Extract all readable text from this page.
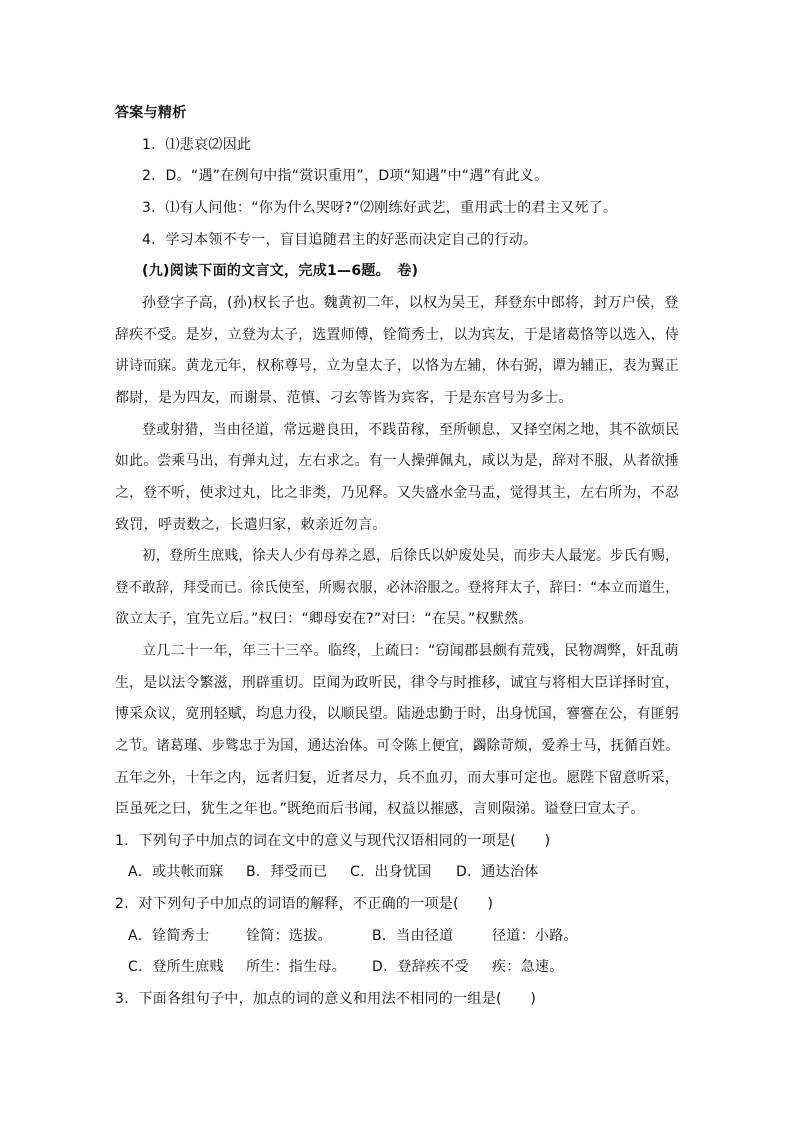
答案与精析
1．⑴悲哀⑵因此
2．D。“遇”在例句中指“赏识重用”，D项“知遇”中“遇”有此义。
3．⑴有人问他：“你为什么哭呀?”⑵刚练好武艺，重用武士的君主又死了。
4．学习本领不专一，盲目追随君主的好恶而决定自己的行动。
(九)阅读下面的文言文，完成1—6题。　卷)
孙登字子高，(孙)权长子也。魏黄初二年，以权为吴王，拜登东中郎将，封万户侯，登
辞疾不受。是岁，立登为太子，选置师傅，铨简秀士，以为宾友，于是诸葛恪等以选入，侍
讲诗而寐。黄龙元年，权称尊号，立为皇太子，以恪为左辅，休右弼，谭为辅正，表为翼正
都尉，是为四友，而谢景、范慎、刁玄等皆为宾客，于是东宫号为多士。
登或射猎，当由径道，常远避良田，不践苗稼，至所顿息，又择空闲之地，其不欲烦民
如此。尝乘马出，有弹丸过，左右求之。有一人操弹佩丸，咸以为是，辞对不服，从者欲捶
之，登不听，使求过丸，比之非类，乃见释。又失盛水金马盂，觉得其主，左右所为，不忍
致罚，呼责数之，长遣归家，敕亲近勿言。
初，登所生庶贱，徐夫人少有母养之恩，后徐氏以妒废处吴，而步夫人最宠。步氏有赐，
登不敢辞，拜受而已。徐氏使至，所赐衣服，必沐浴服之。登将拜太子，辞曰：“本立而道生，
欲立太子，宜先立后。”权曰：“卿母安在?”对曰：“在吴。”权默然。
立几二十一年，年三十三卒。临终，上疏曰：“窃闻郡县颇有荒残，民物凋弊，奸乱萌
生，是以法令繁滋，刑辟重切。臣闻为政听民，律令与时推移，诚宜与将相大臣详择时宜，
博采众议，宽刑轻赋，均息力役，以顺民望。陆逊忠勤于时，出身忧国，謇謇在公，有匪躬
之节。诸葛瑾、步骘忠于为国，通达治体。可令陈上便宜，蠲除苛烦，爱养士马，抚循百姓。
五年之外，十年之内，远者归复，近者尽力，兵不血刃，而大事可定也。愿陛下留意听采，
臣虽死之曰，犹生之年也。”既绝而后书闻，权益以摧感，言则陨涕。谥登曰宣太子。
1．下列句子中加点的词在文中的意义与现代汉语相同的一项是(　　)
A．或共帐而寐 B．拜受而已 C．出身忧国 D．通达治体
2．对下列句子中加点的词语的解释，不正确的一项是(　　)
A．铨简秀士	铨简：选拔。	B．当由径道	径道：小路。
C．登所生庶贱 所生：指生母。 D．登辞疾不受 疾：急速。
3．下面各组句子中，加点的词的意义和用法不相同的一组是(　　)
